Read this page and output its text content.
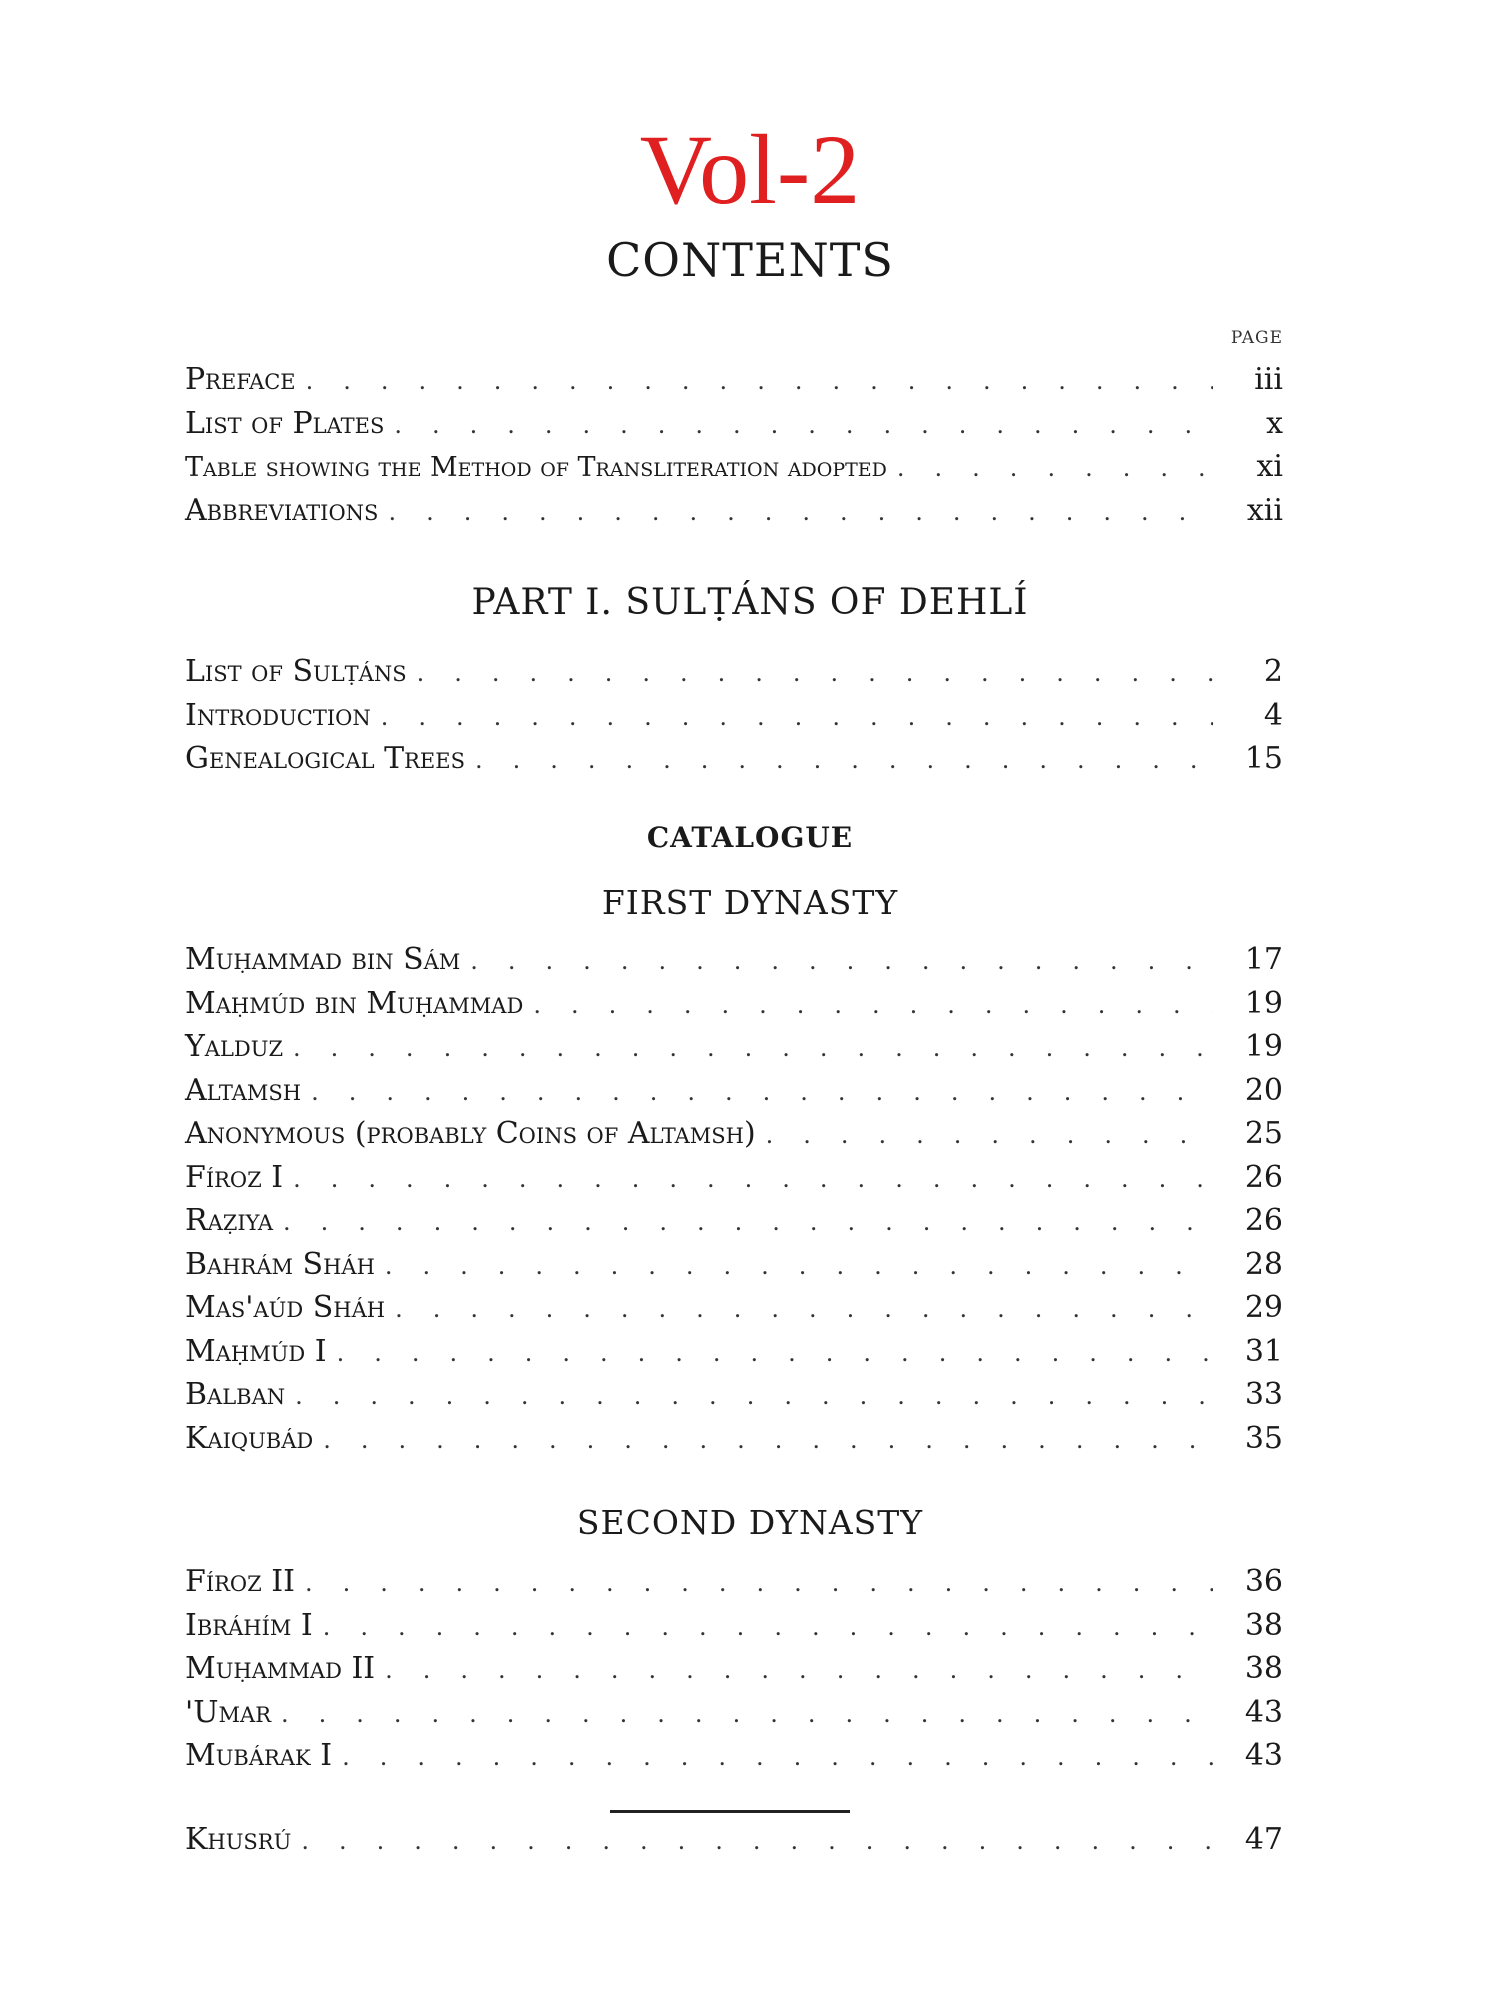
Vol-2
CONTENTS
PAGE
Preface .....	iii
List of Plates .....	x
Table showing the Method of Transliteration adopted .....	xi
Abbreviations .....	xii
PART I. SULṬÁNS OF DEHLÍ
List of Sulṭáns .....	2
Introduction .....	4
Genealogical Trees .....	15
CATALOGUE
FIRST DYNASTY
Muḥammad bin Sám .....	17
Maḥmúd bin Muḥammad .....	19
Yalduz .....	19
Altamsh .....	20
Anonymous (probably Coins of Altamsh) .....	25
Fíroz I .....	26
Raẓiya .....	26
Bahrám Sháh .....	28
Mas'aúd Sháh .....	29
Maḥmúd I .....	31
Balban .....	33
Kaiqubád .....	35
SECOND DYNASTY
Fíroz II .....	36
Ibráhím I .....	38
Muḥammad II .....	38
'Umar .....	43
Mubárak I .....	43
Khusrú .....	47
